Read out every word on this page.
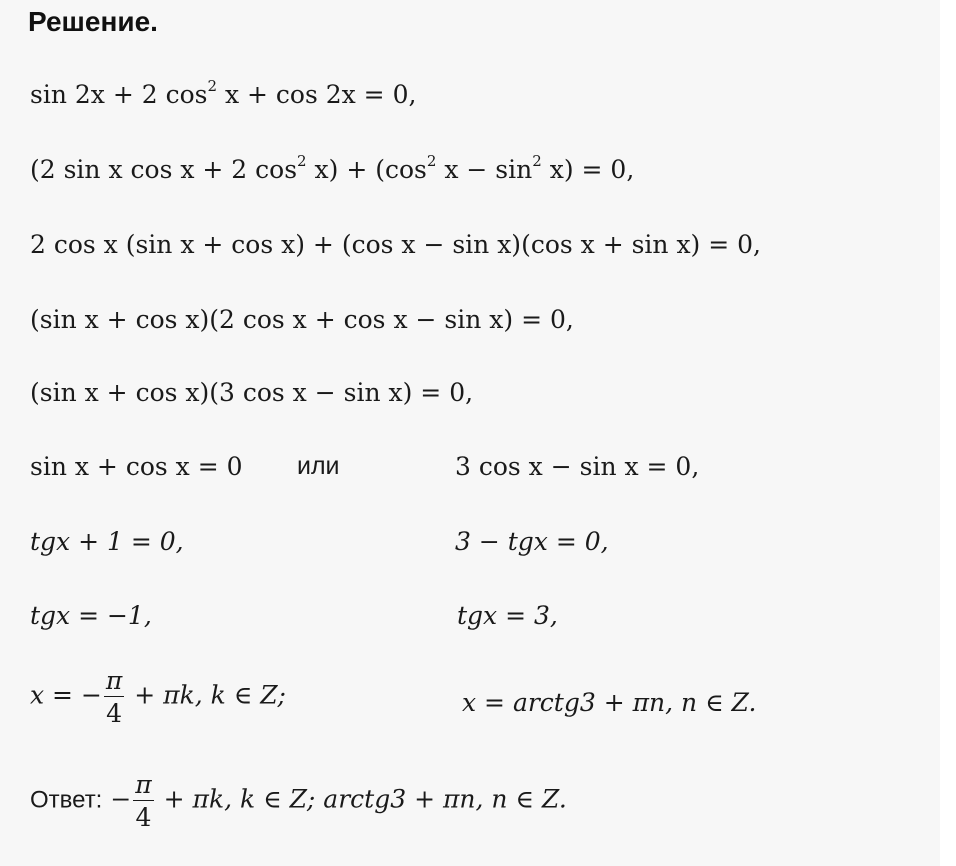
Решение.
sin 2x + 2 $\cos^2 x + \cos 2x = 0$,
(2 sin x cos x + 2 $\cos^2 x) + (\cos^2$ $x - \sin^2 x) = 0$,
2 cos x (sin x + cos x) + (cos x − sin x)(cos x + sin x) = 0,
(sin x + cos x)(2 cos x + cos x − sin x) = 0,
(sin x + cos x)(3 cos x − sin x) = 0,
sin x + cos x = 0 или	3 cos x − sin x = 0,
tgx + 1 = 0,	3 − tgx = 0,
tgx = −1,	tgx = 3,
x = − $\frac{\pi}{4} + \pi k$, k ∈ Z;	x = arctg3 + πn, n ∈ Z.
Ответ: − $\frac{\pi}{4} + \pi k$, k ∈ Z; arctg3 + πn, n ∈ Z.
